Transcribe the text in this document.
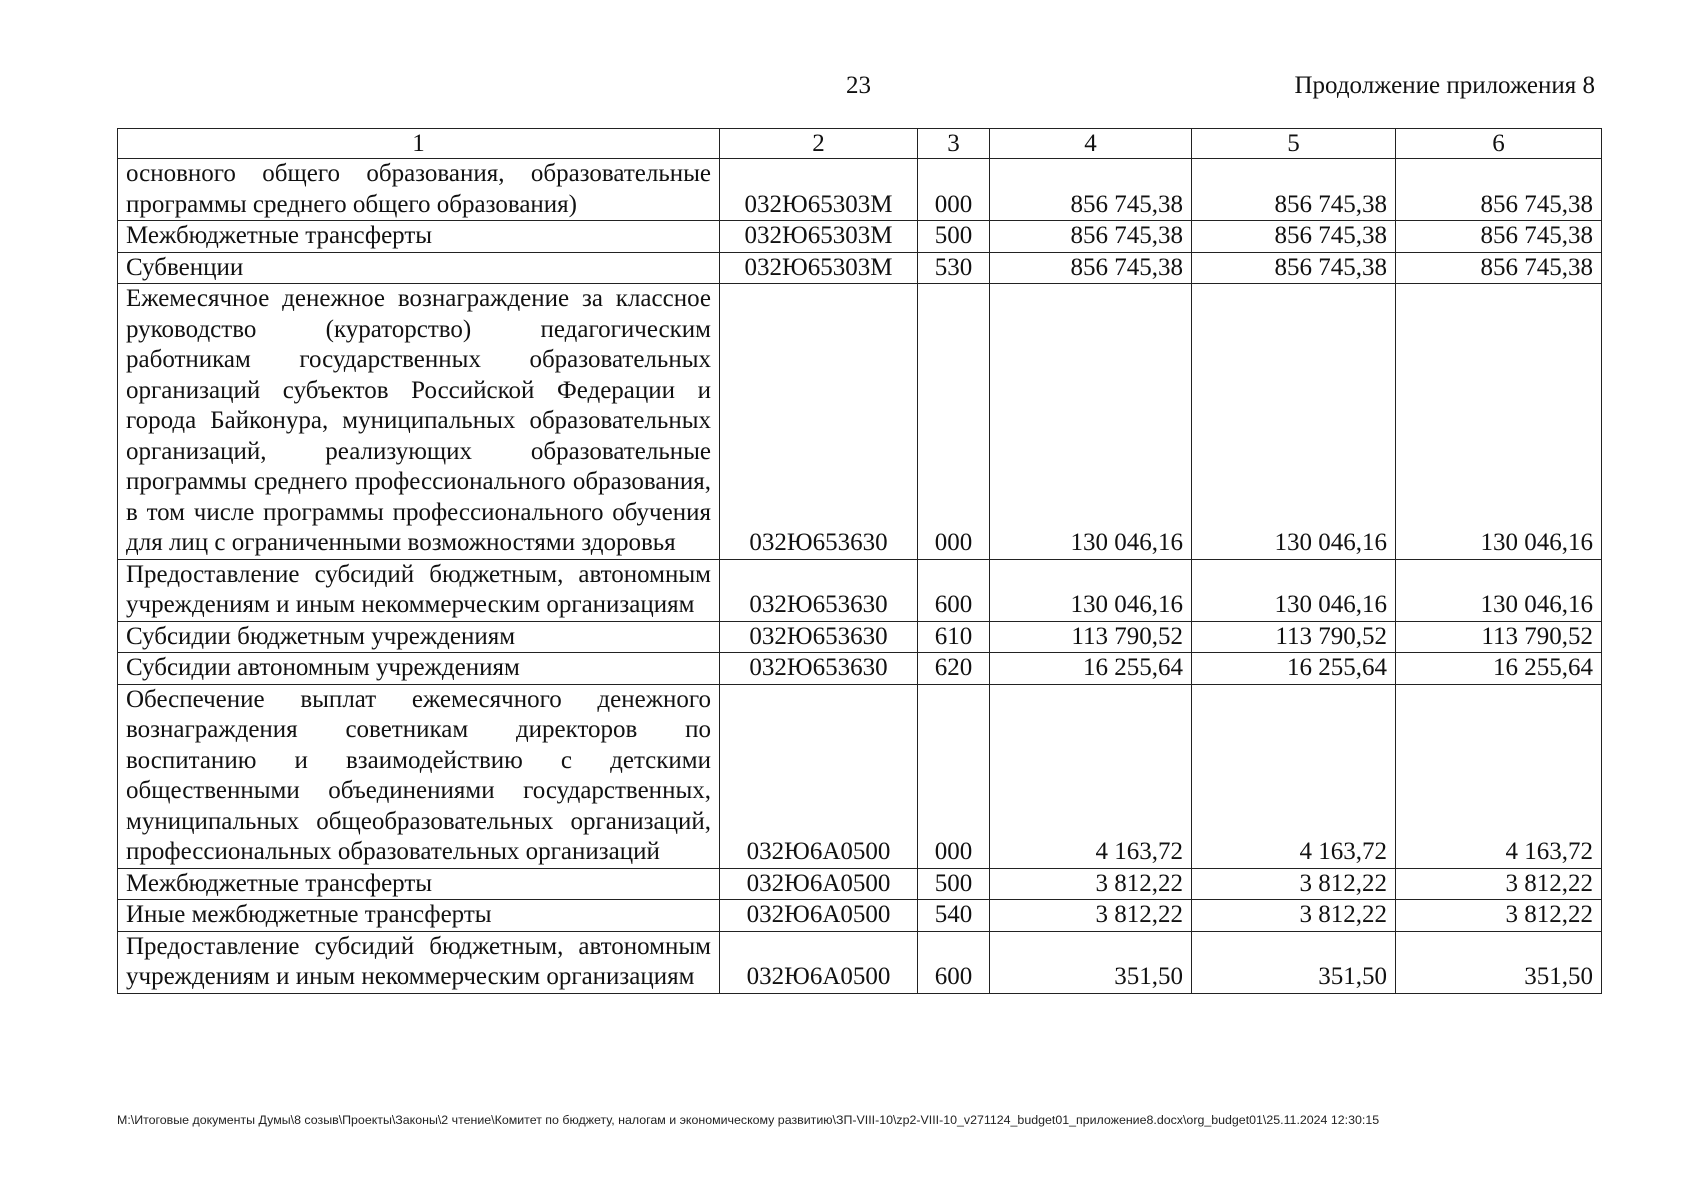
23	Продолжение приложения 8
1	2	3	4	5	6
основного общего образования, образовательные программы среднего общего образования)	032Ю65303М	000	856 745,38	856 745,38	856 745,38
Межбюджетные трансферты	032Ю65303М	500	856 745,38	856 745,38	856 745,38
Субвенции	032Ю65303М	530	856 745,38	856 745,38	856 745,38
Ежемесячное денежное вознаграждение за классное руководство (кураторство) педагогическим работникам государственных образовательных организаций субъектов Российской Федерации и города Байконура, муниципальных образовательных организаций, реализующих образовательные программы среднего профессионального образования, в том числе программы профессионального обучения для лиц с ограниченными возможностями здоровья	032Ю653630	000	130 046,16	130 046,16	130 046,16
Предоставление субсидий бюджетным, автономным учреждениям и иным некоммерческим организациям	032Ю653630	600	130 046,16	130 046,16	130 046,16
Субсидии бюджетным учреждениям	032Ю653630	610	113 790,52	113 790,52	113 790,52
Субсидии автономным учреждениям	032Ю653630	620	16 255,64	16 255,64	16 255,64
Обеспечение выплат ежемесячного денежного вознаграждения советникам директоров по воспитанию и взаимодействию с детскими общественными объединениями государственных, муниципальных общеобразовательных организаций, профессиональных образовательных организаций	032Ю6А0500	000	4 163,72	4 163,72	4 163,72
Межбюджетные трансферты	032Ю6А0500	500	3 812,22	3 812,22	3 812,22
Иные межбюджетные трансферты	032Ю6А0500	540	3 812,22	3 812,22	3 812,22
Предоставление субсидий бюджетным, автономным учреждениям и иным некоммерческим организациям	032Ю6А0500	600	351,50	351,50	351,50
M:\Итоговые документы Думы\8 созыв\Проекты\Законы\2 чтение\Комитет по бюджету, налогам и экономическому развитию\ЗП-VIII-10\zp2-VIII-10_v271124_budget01_приложение8.docx\org_budget01\25.11.2024 12:30:15
